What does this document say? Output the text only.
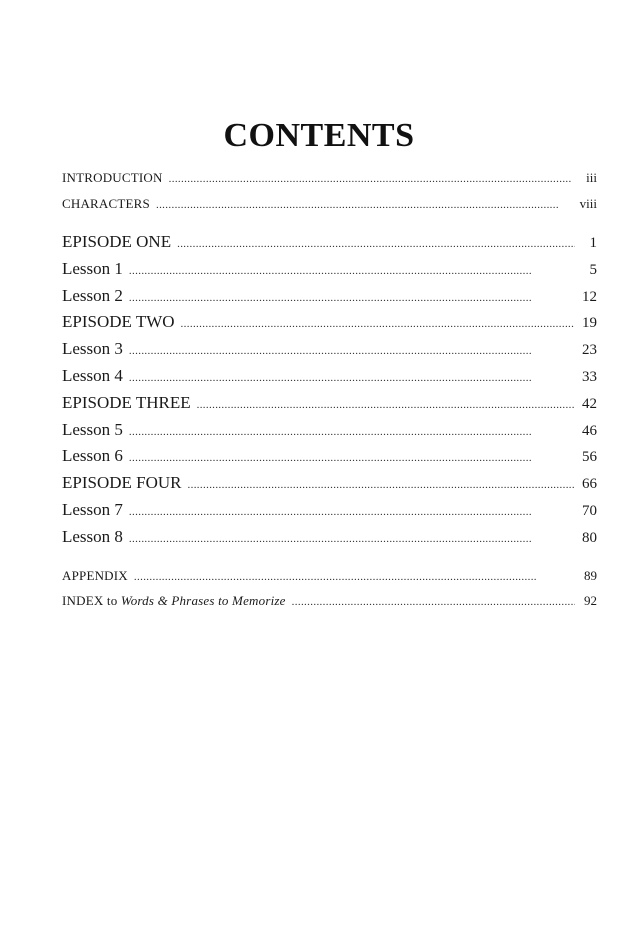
CONTENTS
INTRODUCTION . . .	iii
CHARACTERS . . .	viii
EPISODE ONE . . .	1
Lesson 1 . . .	5
Lesson 2 . . .	12
EPISODE TWO . . .	19
Lesson 3 . . .	23
Lesson 4 . . .	33
EPISODE THREE . . .	42
Lesson 5 . . .	46
Lesson 6 . . .	56
EPISODE FOUR . . .	66
Lesson 7 . . .	70
Lesson 8 . . .	80
APPENDIX . . .	89
INDEX to Words & Phrases to Memorize . . .	92
